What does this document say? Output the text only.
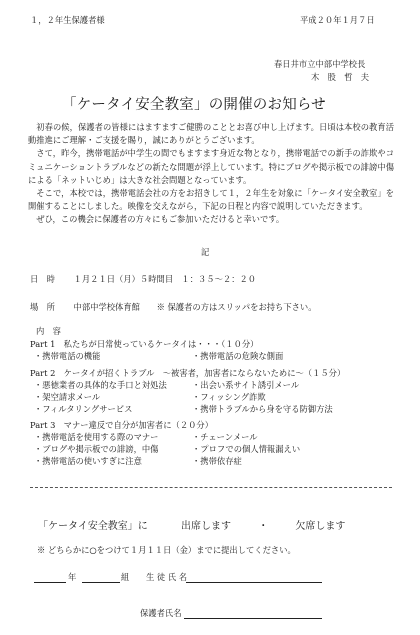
１，２年生保護者様	平成２０年１月７日
春日井市立中部中学校長
木　股　哲　夫
「ケータイ安全教室」の開催のお知らせ

初春の候，保護者の皆様にはますますご健勝のこととお喜び申し上げます。日頃は本校の教育活動推進にご理解・ご支援を賜り，誠にありがとうございます。

さて，昨今，携帯電話が中学生の間でもますます身近な物となり，携帯電話での新手の詐欺やコミュニケーショントラブルなどの新たな問題が浮上しています。特にブログや掲示板での誹謗中傷による「ネットいじめ」は大きな社会問題となっています。

そこで，本校では，携帯電話会社の方をお招きして１，２年生を対象に「ケータイ安全教室」を開催することにしました。映像を交えながら，下記の日程と内容で説明していただきます。

ぜひ，この機会に保護者の方々にもご参加いただけると幸いです。

記
日　時 １月２１日（月）５時間目　１：３５～２：２０
場　所 中部中学校体育館 ※ 保護者の方はスリッパをお持ち下さい。
内　容
Part 1　私たちが日常使っているケータイは・・・（１０分）
・携帯電話の機能	・携帯電話の危険な側面
Part 2　ケータイが招くトラブル　～被害者，加害者にならないために～（１５分）
・悪徳業者の具体的な手口と対処法	・出会い系サイト誘引メール
・架空請求メール	・フィッシング詐欺
・フィルタリングサービス	・携帯トラブルから身を守る防御方法
Part 3　マナー違反で自分が加害者に（２０分）
・携帯電話を使用する際のマナー	・チェーンメール
・ブログや掲示板での誹謗，中傷	・プロフでの個人情報漏えい
・携帯電話の使いすぎに注意	・携帯依存症
「ケータイ安全教室」に	出席します	・	欠席します
※ どちらかに○をつけて１月１１日（金）までに提出してください。
年	組 生 徒 氏 名
保護者氏名
